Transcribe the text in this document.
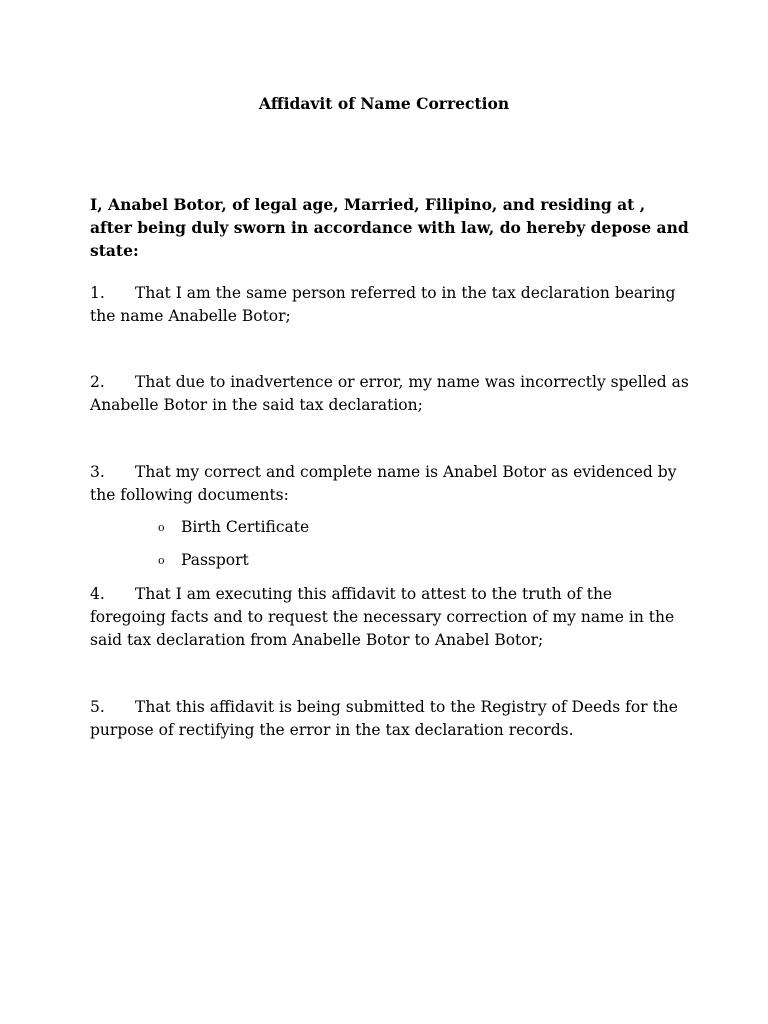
Affidavit of Name Correction
I, Anabel Botor, of legal age, Married, Filipino, and residing at , after being duly sworn in accordance with law, do hereby depose and state:
1. That I am the same person referred to in the tax declaration bearing the name Anabelle Botor;
2. That due to inadvertence or error, my name was incorrectly spelled as Anabelle Botor in the said tax declaration;
3. That my correct and complete name is Anabel Botor as evidenced by the following documents:
o Birth Certificate
o Passport
4. That I am executing this affidavit to attest to the truth of the foregoing facts and to request the necessary correction of my name in the said tax declaration from Anabelle Botor to Anabel Botor;
5. That this affidavit is being submitted to the Registry of Deeds for the purpose of rectifying the error in the tax declaration records.
